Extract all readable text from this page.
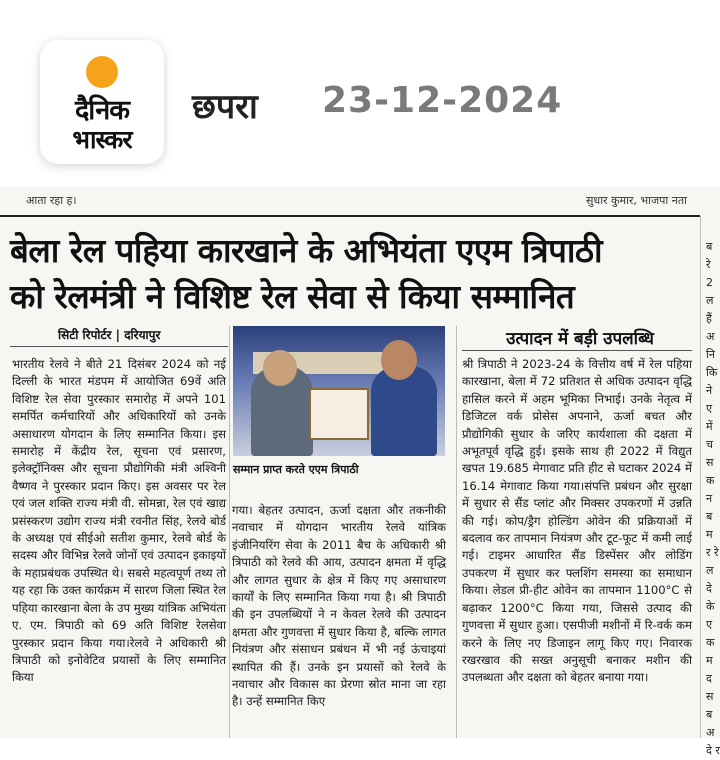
दैनिक
भास्कर
छपरा 23-12-2024
आता रहा ह।	सुधार कुमार, भाजपा नता
बेला रेल पहिया कारखाने के अभियंता एएम त्रिपाठी
को रेलमंत्री ने विशिष्ट रेल सेवा से किया सम्मानित
सिटी रिपोर्टर | दरियापुर
भारतीय रेलवे ने बीते 21 दिसंबर 2024 को नई दिल्ली के भारत मंडपम में आयोजित 69वें अति विशिष्ट रेल सेवा पुरस्कार समारोह में अपने 101 समर्पित कर्मचारियों और अधिकारियों को उनके असाधारण योगदान के लिए सम्मानित किया। इस समारोह में केंद्रीय रेल, सूचना एवं प्रसारण, इलेक्ट्रॉनिक्स और सूचना प्रौद्योगिकी मंत्री अश्विनी वैष्णव ने पुरस्कार प्रदान किए। इस अवसर पर रेल एवं जल शक्ति राज्य मंत्री वी. सोमन्ना, रेल एवं खाद्य प्रसंस्करण उद्योग राज्य मंत्री रवनीत सिंह, रेलवे बोर्ड के अध्यक्ष एवं सीईओ सतीश कुमार, रेलवे बोर्ड के सदस्य और विभिन्न रेलवे जोनों एवं उत्पादन इकाइयों के महाप्रबंधक उपस्थित थे। सबसे महत्वपूर्ण तथ्य तो यह रहा कि उक्त कार्यक्रम में सारण जिला स्थित रेल पहिया कारखाना बेला के उप मुख्य यांत्रिक अभियंता ए. एम. त्रिपाठी को 69 अति विशिष्ट रेलसेवा पुरस्कार प्रदान किया गया।रेलवे ने अधिकारी श्री त्रिपाठी को इनोवेटिव प्रयासों के लिए सम्मानित किया
सम्मान प्राप्त करते एएम त्रिपाठी
गया। बेहतर उत्पादन, ऊर्जा दक्षता और तकनीकी नवाचार में योगदान भारतीय रेलवे यांत्रिक इंजीनियरिंग सेवा के 2011 बैच के अधिकारी श्री त्रिपाठी को रेलवे की आय, उत्पादन क्षमता में वृद्धि और लागत सुधार के क्षेत्र में किए गए असाधारण कार्यों के लिए सम्मानित किया गया है। श्री त्रिपाठी की इन उपलब्धियों ने न केवल रेलवे की उत्पादन क्षमता और गुणवत्ता में सुधार किया है, बल्कि लागत नियंत्रण और संसाधन प्रबंधन में भी नई ऊंचाइयां स्थापित की हैं। उनके इन प्रयासों को रेलवे के नवाचार और विकास का प्रेरणा स्रोत माना जा रहा है। उन्हें सम्मानित किए
उत्पादन में बड़ी उपलब्धि
श्री त्रिपाठी ने 2023-24 के वित्तीय वर्ष में रेल पहिया कारखाना, बेला में 72 प्रतिशत से अधिक उत्पादन वृद्धि हासिल करने में अहम भूमिका निभाई। उनके नेतृत्व में डिजिटल वर्क प्रोसेस अपनाने, ऊर्जा बचत और प्रौद्योगिकी सुधार के जरिए कार्यशाला की दक्षता में अभूतपूर्व वृद्धि हुई। इसके साथ ही 2022 में विद्युत खपत 19.685 मेगावाट प्रति हीट से घटाकर 2024 में 16.14 मेगावाट किया गया।संपत्ति प्रबंधन और सुरक्षा में सुधार से सैंड प्लांट और मिक्सर उपकरणों में उन्नति की गई। कोप/ड्रैग होल्डिंग ओवेन की प्रक्रियाओं में बदलाव कर तापमान नियंत्रण और टूट-फूट में कमी लाई गई। टाइमर आधारित सैंड डिस्पेंसर और लोडिंग उपकरण में सुधार कर फ्लशिंग समस्या का समाधान किया। लेडल प्री-हीट ओवेन का तापमान 1100°C से बढ़ाकर 1200°C किया गया, जिससे उत्पाद की गुणवत्ता में सुधार हुआ। एसपीजी मशीनों में रि-वर्क कम करने के लिए नए डिजाइन लागू किए गए। निवारक रखरखाव की सख्त अनुसूची बनाकर मशीन की उपलब्धता और दक्षता को बेहतर बनाया गया।
ब रे 2 ल हैं अ नि कि ने ए में च स क न ब म र रे ल दे के ए क म द स ब अ दे र
